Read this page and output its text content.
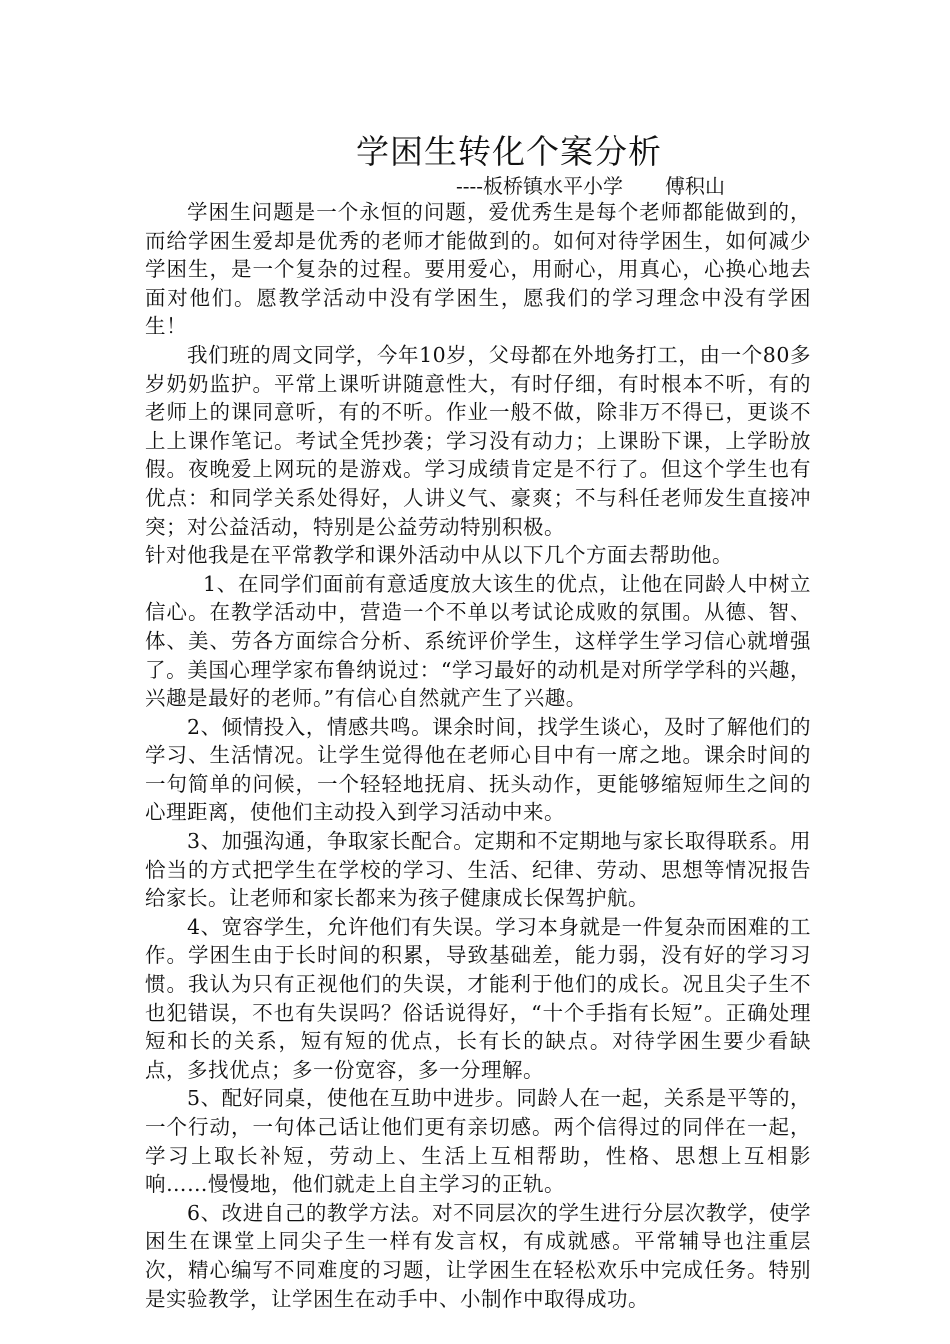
学困生转化个案分析
----板桥镇水平小学 傅积山

学困生问题是一个永恒的问题，爱优秀生是每个老师都能做到的，而给学困生爱却是优秀的老师才能做到的。如何对待学困生，如何减少学困生，是一个复杂的过程。要用爱心，用耐心，用真心，心换心地去面对他们。愿教学活动中没有学困生，愿我们的学习理念中没有学困生！

我们班的周文同学，今年10岁，父母都在外地务打工，由一个80多岁奶奶监护。平常上课听讲随意性大，有时仔细，有时根本不听，有的老师上的课同意听，有的不听。作业一般不做，除非万不得已，更谈不上上课作笔记。考试全凭抄袭；学习没有动力；上课盼下课，上学盼放假。夜晚爱上网玩的是游戏。学习成绩肯定是不行了。但这个学生也有优点：和同学关系处得好，人讲义气、豪爽；不与科任老师发生直接冲突；对公益活动，特别是公益劳动特别积极。

针对他我是在平常教学和课外活动中从以下几个方面去帮助他。

1、在同学们面前有意适度放大该生的优点，让他在同龄人中树立信心。在教学活动中，营造一个不单以考试论成败的氛围。从德、智、体、美、劳各方面综合分析、系统评价学生，这样学生学习信心就增强了。美国心理学家布鲁纳说过：“学习最好的动机是对所学学科的兴趣，兴趣是最好的老师。”有信心自然就产生了兴趣。

2、倾情投入，情感共鸣。课余时间，找学生谈心，及时了解他们的学习、生活情况。让学生觉得他在老师心目中有一席之地。课余时间的一句简单的问候，一个轻轻地抚肩、抚头动作，更能够缩短师生之间的心理距离，使他们主动投入到学习活动中来。

3、加强沟通，争取家长配合。定期和不定期地与家长取得联系。用恰当的方式把学生在学校的学习、生活、纪律、劳动、思想等情况报告给家长。让老师和家长都来为孩子健康成长保驾护航。

4、宽容学生，允许他们有失误。学习本身就是一件复杂而困难的工作。学困生由于长时间的积累，导致基础差，能力弱，没有好的学习习惯。我认为只有正视他们的失误，才能利于他们的成长。况且尖子生不也犯错误，不也有失误吗？俗话说得好，“十个手指有长短”。正确处理短和长的关系，短有短的优点，长有长的缺点。对待学困生要少看缺点，多找优点；多一份宽容，多一分理解。

5、配好同桌，使他在互助中进步。同龄人在一起，关系是平等的，一个行动，一句体己话让他们更有亲切感。两个信得过的同伴在一起，学习上取长补短，劳动上、生活上互相帮助，性格、思想上互相影响……慢慢地，他们就走上自主学习的正轨。

6、改进自己的教学方法。对不同层次的学生进行分层次教学，使学困生在课堂上同尖子生一样有发言权，有成就感。平常辅导也注重层次，精心编写不同难度的习题，让学困生在轻松欢乐中完成任务。特别是实验教学，让学困生在动手中、小制作中取得成功。
